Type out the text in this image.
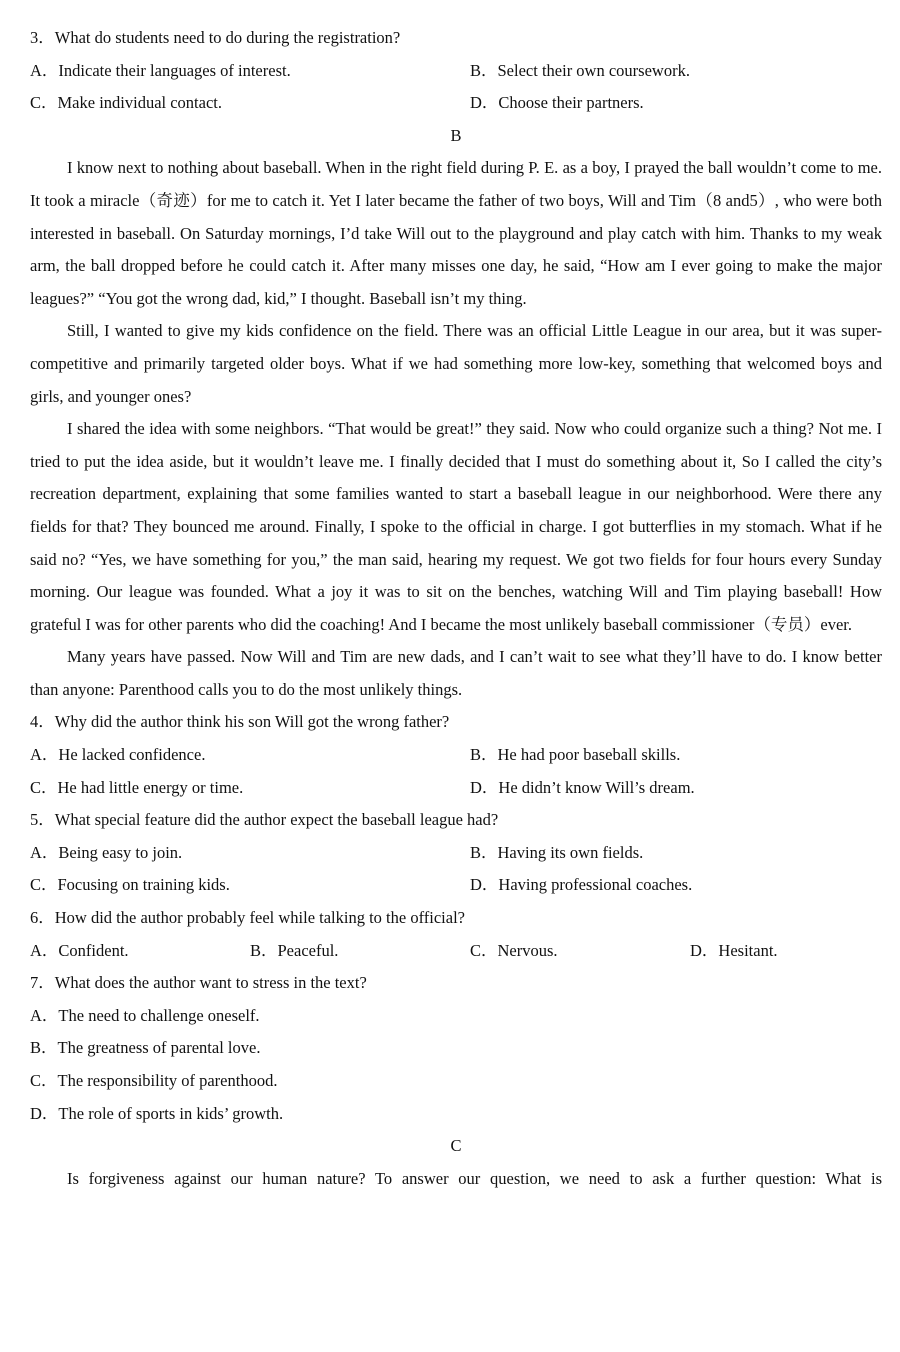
3．What do students need to do during the registration?
A．Indicate their languages of interest.	B．Select their own coursework.
C．Make individual contact.	D．Choose their partners.
B
I know next to nothing about baseball. When in the right field during P. E. as a boy, I prayed the ball wouldn’t come to me. It took a miracle（奇迹）for me to catch it. Yet I later became the father of two boys, Will and Tim（8 and5）, who were both interested in baseball. On Saturday mornings, I’d take Will out to the playground and play catch with him. Thanks to my weak arm, the ball dropped before he could catch it. After many misses one day, he said, “How am I ever going to make the major leagues?” “You got the wrong dad, kid,” I thought. Baseball isn’t my thing.
Still, I wanted to give my kids confidence on the field. There was an official Little League in our area, but it was super-competitive and primarily targeted older boys. What if we had something more low-key, something that welcomed boys and girls, and younger ones?
I shared the idea with some neighbors. “That would be great!” they said. Now who could organize such a thing? Not me. I tried to put the idea aside, but it wouldn’t leave me. I finally decided that I must do something about it, So I called the city’s recreation department, explaining that some families wanted to start a baseball league in our neighborhood. Were there any fields for that? They bounced me around. Finally, I spoke to the official in charge. I got butterflies in my stomach. What if he said no? “Yes, we have something for you,” the man said, hearing my request. We got two fields for four hours every Sunday morning. Our league was founded. What a joy it was to sit on the benches, watching Will and Tim playing baseball! How grateful I was for other parents who did the coaching! And I became the most unlikely baseball commissioner（专员）ever.
Many years have passed. Now Will and Tim are new dads, and I can’t wait to see what they’ll have to do. I know better than anyone: Parenthood calls you to do the most unlikely things.
4．Why did the author think his son Will got the wrong father?
A．He lacked confidence.	B．He had poor baseball skills.
C．He had little energy or time.	D．He didn’t know Will’s dream.
5．What special feature did the author expect the baseball league had?
A．Being easy to join.	B．Having its own fields.
C．Focusing on training kids.	D．Having professional coaches.
6．How did the author probably feel while talking to the official?
A．Confident.	B．Peaceful.	C．Nervous.	D．Hesitant.
7．What does the author want to stress in the text?
A．The need to challenge oneself.
B．The greatness of parental love.
C．The responsibility of parenthood.
D．The role of sports in kids’ growth.
C
Is forgiveness against our human nature? To answer our question, we need to ask a further question: What is
